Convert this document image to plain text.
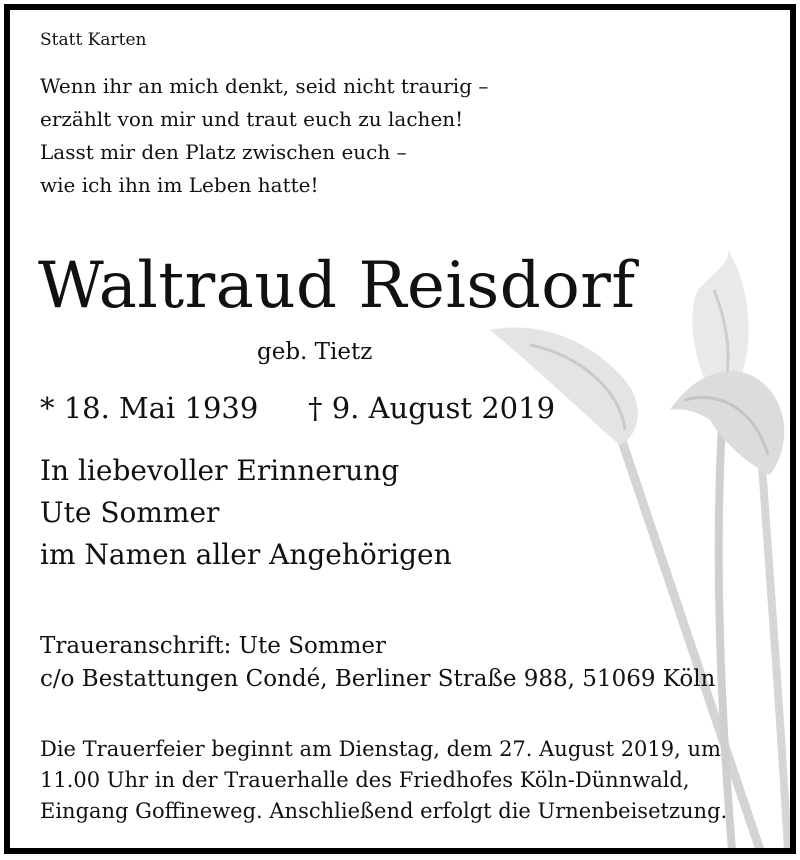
Statt Karten
Wenn ihr an mich denkt, seid nicht traurig –
erzählt von mir und traut euch zu lachen!
Lasst mir den Platz zwischen euch –
wie ich ihn im Leben hatte!
Waltraud Reisdorf
geb. Tietz
* 18. Mai 1939 † 9. August 2019
In liebevoller Erinnerung
Ute Sommer
im Namen aller Angehörigen
Traueranschrift: Ute Sommer
c/o Bestattungen Condé, Berliner Straße 988, 51069 Köln
Die Trauerfeier beginnt am Dienstag, dem 27. August 2019, um
11.00 Uhr in der Trauerhalle des Friedhofes Köln-Dünnwald,
Eingang Goffineweg. Anschließend erfolgt die Urnenbeisetzung.
